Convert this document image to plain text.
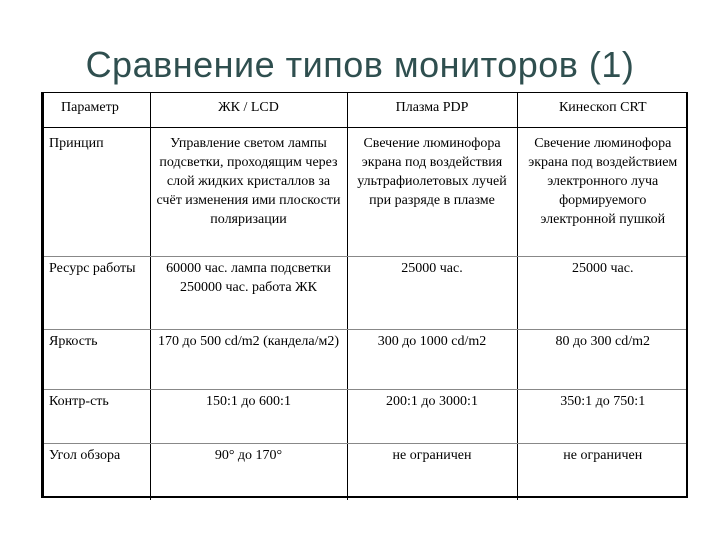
Сравнение типов мониторов (1)
Параметр	ЖК / LCD	Плазма PDP	Кинескоп CRT
Принцип	Управление светом лампы подсветки, проходящим через слой жидких кристаллов за счёт изменения ими плоскости поляризации	Свечение люминофора экрана под воздействия ультрафиолетовых лучей при разряде в плазме	Свечение люминофора экрана под воздействием электронного луча формируемого электронной пушкой
Ресурс работы	60000 час. лампа подсветки 250000 час. работа ЖК	25000 час.	25000 час.
Яркость	170 до 500 cd/m2 (кандела/м2)	300 до 1000 cd/m2	80 до 300 cd/m2
Контр-сть	150:1 до 600:1	200:1 до 3000:1	350:1 до 750:1
Угол обзора	90° до 170°	не ограничен	не ограничен
